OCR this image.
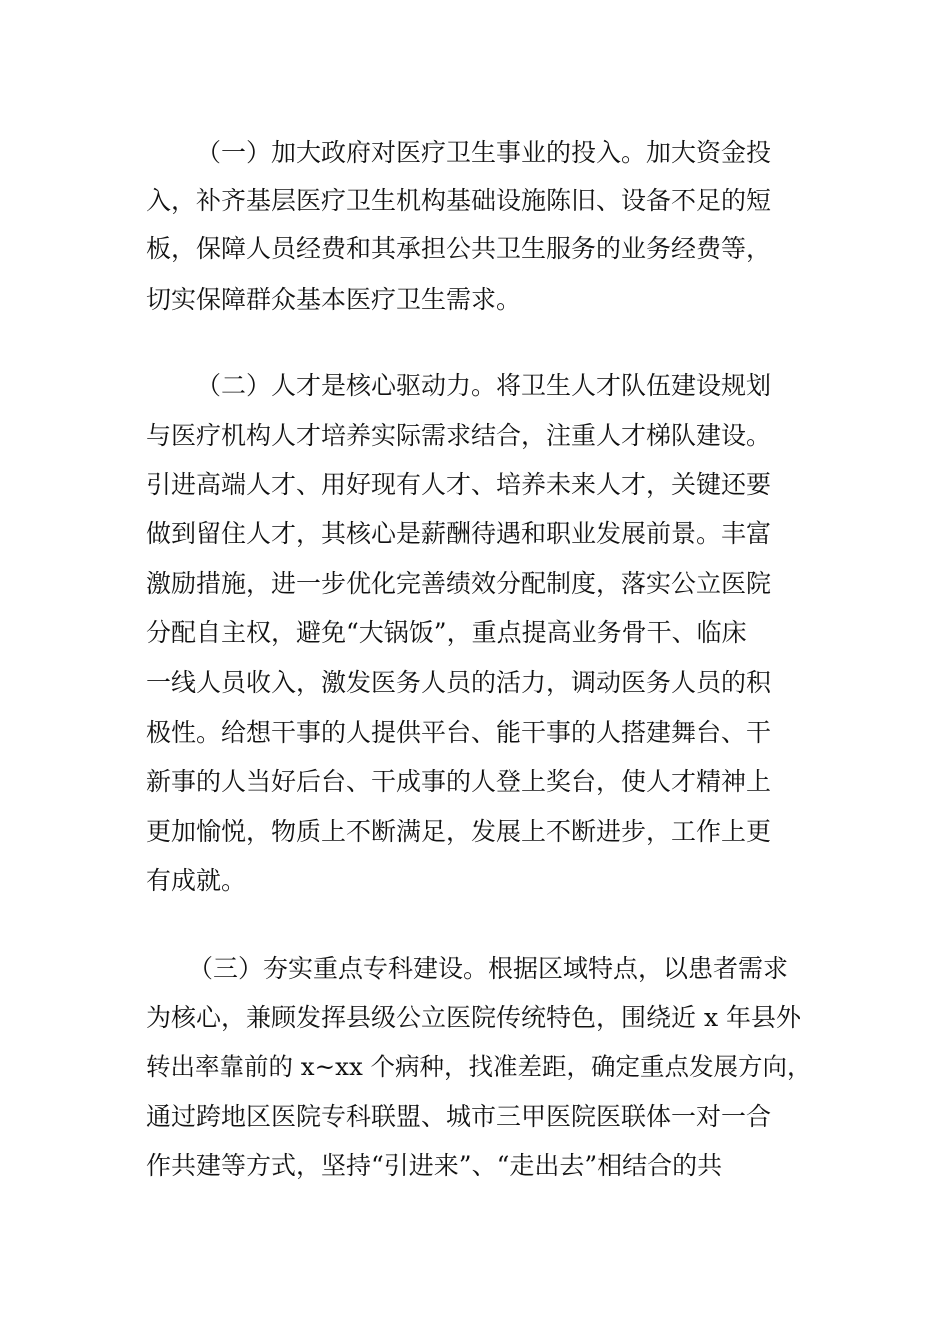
（一）加大政府对医疗卫生事业的投入。加大资金投
入，补齐基层医疗卫生机构基础设施陈旧、设备不足的短
板，保障人员经费和其承担公共卫生服务的业务经费等，
切实保障群众基本医疗卫生需求。
（二）人才是核心驱动力。将卫生人才队伍建设规划
与医疗机构人才培养实际需求结合，注重人才梯队建设。
引进高端人才、用好现有人才、培养未来人才，关键还要
做到留住人才，其核心是薪酬待遇和职业发展前景。丰富
激励措施，进一步优化完善绩效分配制度，落实公立医院
分配自主权，避免“大锅饭”，重点提高业务骨干、临床
一线人员收入，激发医务人员的活力，调动医务人员的积
极性。给想干事的人提供平台、能干事的人搭建舞台、干
新事的人当好后台、干成事的人登上奖台，使人才精神上
更加愉悦，物质上不断满足，发展上不断进步，工作上更
有成就。
（三）夯实重点专科建设。根据区域特点，以患者需求
为核心，兼顾发挥县级公立医院传统特色，围绕近 x 年县外
转出率靠前的 x~xx 个病种，找准差距，确定重点发展方向，
通过跨地区医院专科联盟、城市三甲医院医联体一对一合
作共建等方式，坚持“引进来”、“走出去”相结合的共
